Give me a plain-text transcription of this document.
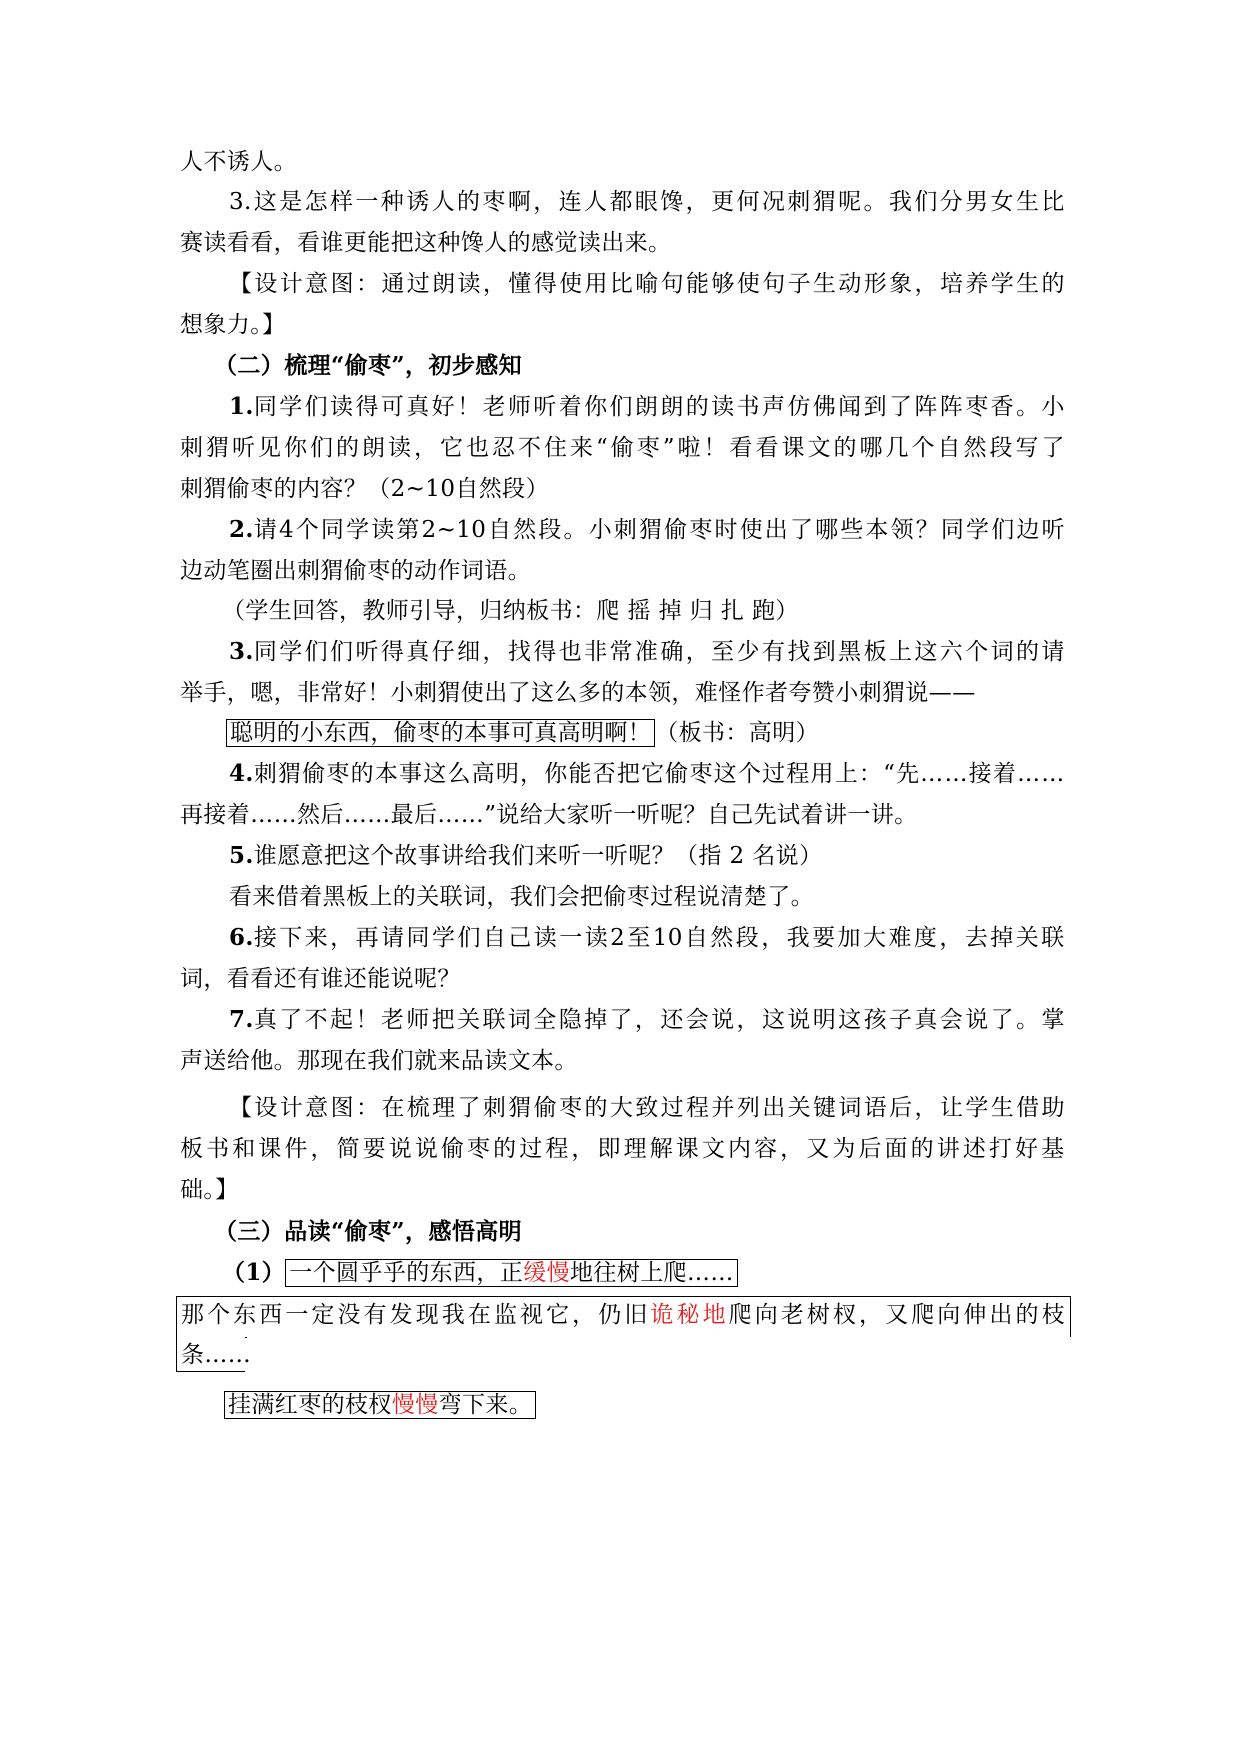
人不诱人。
3. 这 是 怎 样 一 种 诱 人 的 枣 啊 ， 连 人 都 眼 馋 ， 更 何 况 刺 猬 呢 。 我 们 分 男 女 生 比
赛读看看，看谁更能把这种馋人的感觉读出来。
【 设 计 意 图 ： 通 过 朗 读 ， 懂 得 使 用 比 喻 句 能 够 使 句 子 生 动 形 象 ， 培 养 学 生 的
想象力。】
（二）梳理“偷枣”，初步感知
1. 同 学 们 读 得 可 真 好 ！ 老 师 听 着 你 们 朗 朗 的 读 书 声 仿 佛 闻 到 了 阵 阵 枣 香 。 小
刺 猬 听 见 你 们 的 朗 读 ， 它 也 忍 不 住 来 “ 偷 枣 ” 啦 ！ 看 看 课 文 的 哪 几 个 自 然 段 写 了
刺猬偷枣的内容？（2~10自然段）
2. 请 4 个 同 学 读 第 2~10 自 然 段 。 小 刺 猬 偷 枣 时 使 出 了 哪 些 本 领 ？ 同 学 们 边 听
边动笔圈出刺猬偷枣的动作词语。
（学生回答，教师引导，归纳板书：爬 摇 掉 归 扎 跑）
3. 同 学 们 们 听 得 真 仔 细 ， 找 得 也 非 常 准 确 ， 至 少 有 找 到 黑 板 上 这 六 个 词 的 请
举手，嗯，非常好！小刺猬使出了这么多的本领，难怪作者夸赞小刺猬说——
聪明的小东西，偷枣的本事可真高明啊！ （板书：高明）
4. 刺 猬 偷 枣 的 本 事 这 么 高 明 ， 你 能 否 把 它 偷 枣 这 个 过 程 用 上 ： “ 先 … … 接 着 … …
再接着……然后……最后……”说给大家听一听呢？自己先试着讲一讲。
5.谁愿意把这个故事讲给我们来听一听呢？（指 2 名说）
看来借着黑板上的关联词，我们会把偷枣过程说清楚了。
6. 接 下 来 ， 再 请 同 学 们 自 己 读 一 读 2 至 10 自 然 段 ， 我 要 加 大 难 度 ， 去 掉 关 联
词，看看还有谁还能说呢？
7. 真 了 不 起 ！ 老 师 把 关 联 词 全 隐 掉 了 ， 还 会 说 ， 这 说 明 这 孩 子 真 会 说 了 。 掌
声送给他。那现在我们就来品读文本。
【 设 计 意 图 ： 在 梳 理 了 刺 猬 偷 枣 的 大 致 过 程 并 列 出 关 键 词 语 后 ， 让 学 生 借 助
板 书 和 课 件 ， 简 要 说 说 偷 枣 的 过 程 ， 即 理 解 课 文 内 容 ， 又 为 后 面 的 讲 述 打 好 基
础。】
（三）品读“偷枣”，感悟高明
（1） 一个圆乎乎的东西，正缓慢地往树上爬……
那 个 东 西 一 定 没 有 发 现 我 在 监 视 它 ， 仍 旧 诡 秘 地 爬 向 老 树 杈 ， 又 爬 向 伸 出 的 枝
条……
挂满红枣的枝杈慢慢弯下来。
